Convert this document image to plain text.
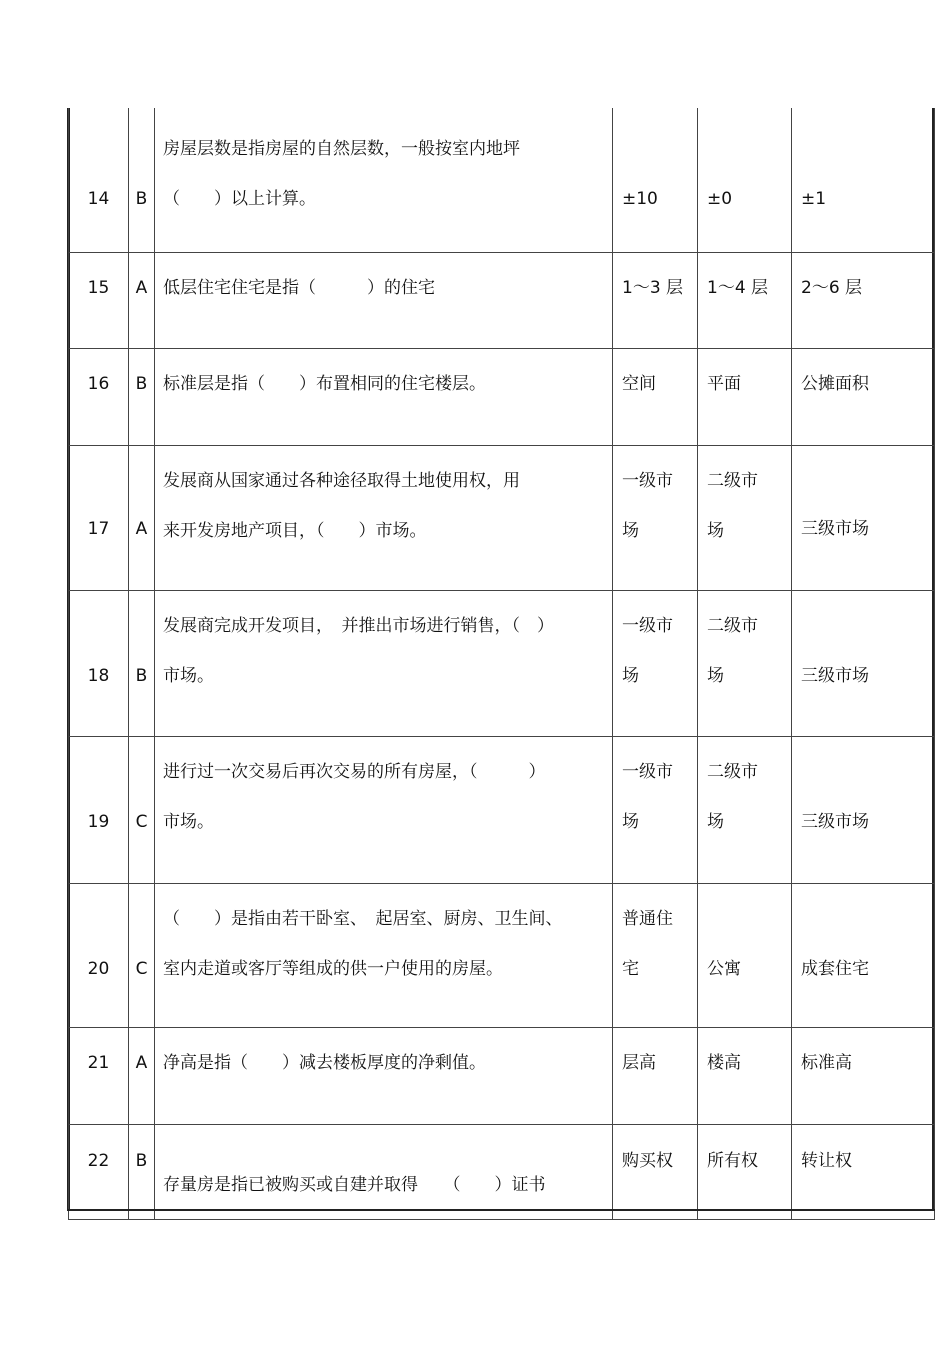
14	B	房屋层数是指房屋的自然层数，一般按室内地坪
（　　）以上计算。	±10	±0	±1

15	A	低层住宅住宅是指（　　　）的住宅	1～3 层	1～4 层	2～6 层

16	B	标准层是指（　　）布置相同的住宅楼层。	空间	平面	公摊面积

17	A	发展商从国家通过各种途径取得土地使用权，用
来开发房地产项目，（　　）市场。	一级市
场	二级市
场	三级市场

18	B	发展商完成开发项目，　并推出市场进行销售，（　）
市场。	一级市
场	二级市
场	三级市场

19	C	进行过一次交易后再次交易的所有房屋，（　　　）
市场。	一级市
场	二级市
场	三级市场

20	C	（　　）是指由若干卧室、　起居室、厨房、卫生间、
室内走道或客厅等组成的供一户使用的房屋。	普通住
宅	公寓	成套住宅

21	A	净高是指（　　）减去楼板厚度的净剩值。	层高	楼高	标准高

22	B	存量房是指已被购买或自建并取得　　（　　）证书	购买权	所有权	转让权
